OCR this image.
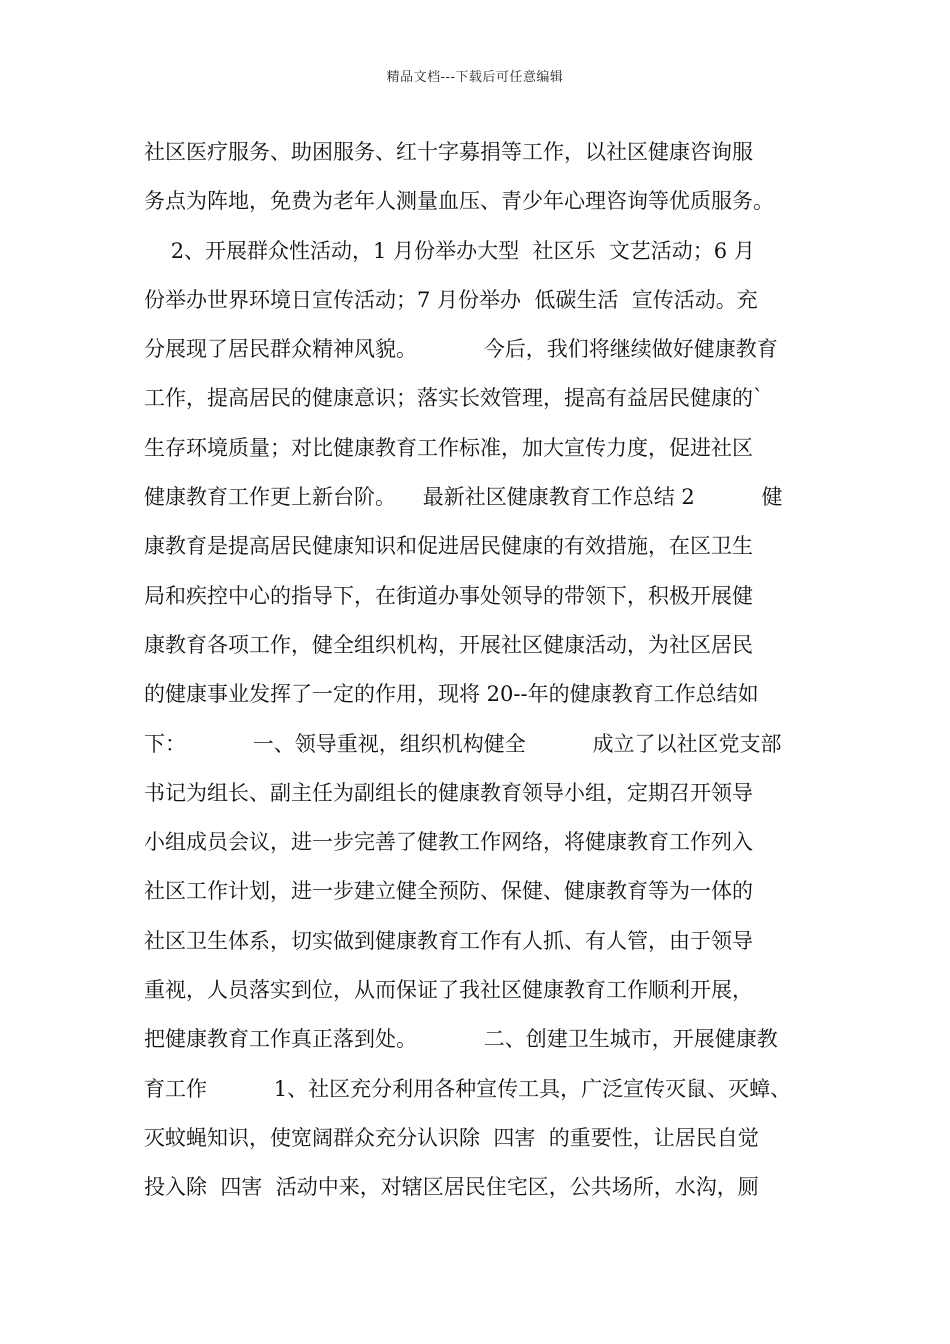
精品文档---下载后可任意编辑
社区医疗服务、助困服务、红十字募捐等工作，以社区健康咨询服
务点为阵地，免费为老年人测量血压、青少年心理咨询等优质服务。
2、开展群众性活动，1 月份举办大型  社区乐  文艺活动；6 月
份举办世界环境日宣传活动；7 月份举办  低碳生活  宣传活动。充
分展现了居民群众精神风貌。          今后，我们将继续做好健康教育
工作，提高居民的健康意识；落实长效管理，提高有益居民健康的`
生存环境质量；对比健康教育工作标准，加大宣传力度，促进社区
健康教育工作更上新台阶。    最新社区健康教育工作总结 2          健
康教育是提高居民健康知识和促进居民健康的有效措施，在区卫生
局和疾控中心的指导下，在街道办事处领导的带领下，积极开展健
康教育各项工作，健全组织机构，开展社区健康活动，为社区居民
的健康事业发挥了一定的作用，现将 20--年的健康教育工作总结如
下：          一、领导重视，组织机构健全          成立了以社区党支部
书记为组长、副主任为副组长的健康教育领导小组，定期召开领导
小组成员会议，进一步完善了健教工作网络，将健康教育工作列入
社区工作计划，进一步建立健全预防、保健、健康教育等为一体的
社区卫生体系，切实做到健康教育工作有人抓、有人管，由于领导
重视，人员落实到位，从而保证了我社区健康教育工作顺利开展，
把健康教育工作真正落到处。          二、创建卫生城市，开展健康教
育工作          1、社区充分利用各种宣传工具，广泛宣传灭鼠、灭蟑、
灭蚊蝇知识，使宽阔群众充分认识除  四害  的重要性，让居民自觉
投入除  四害  活动中来，对辖区居民住宅区，公共场所，水沟，厕
